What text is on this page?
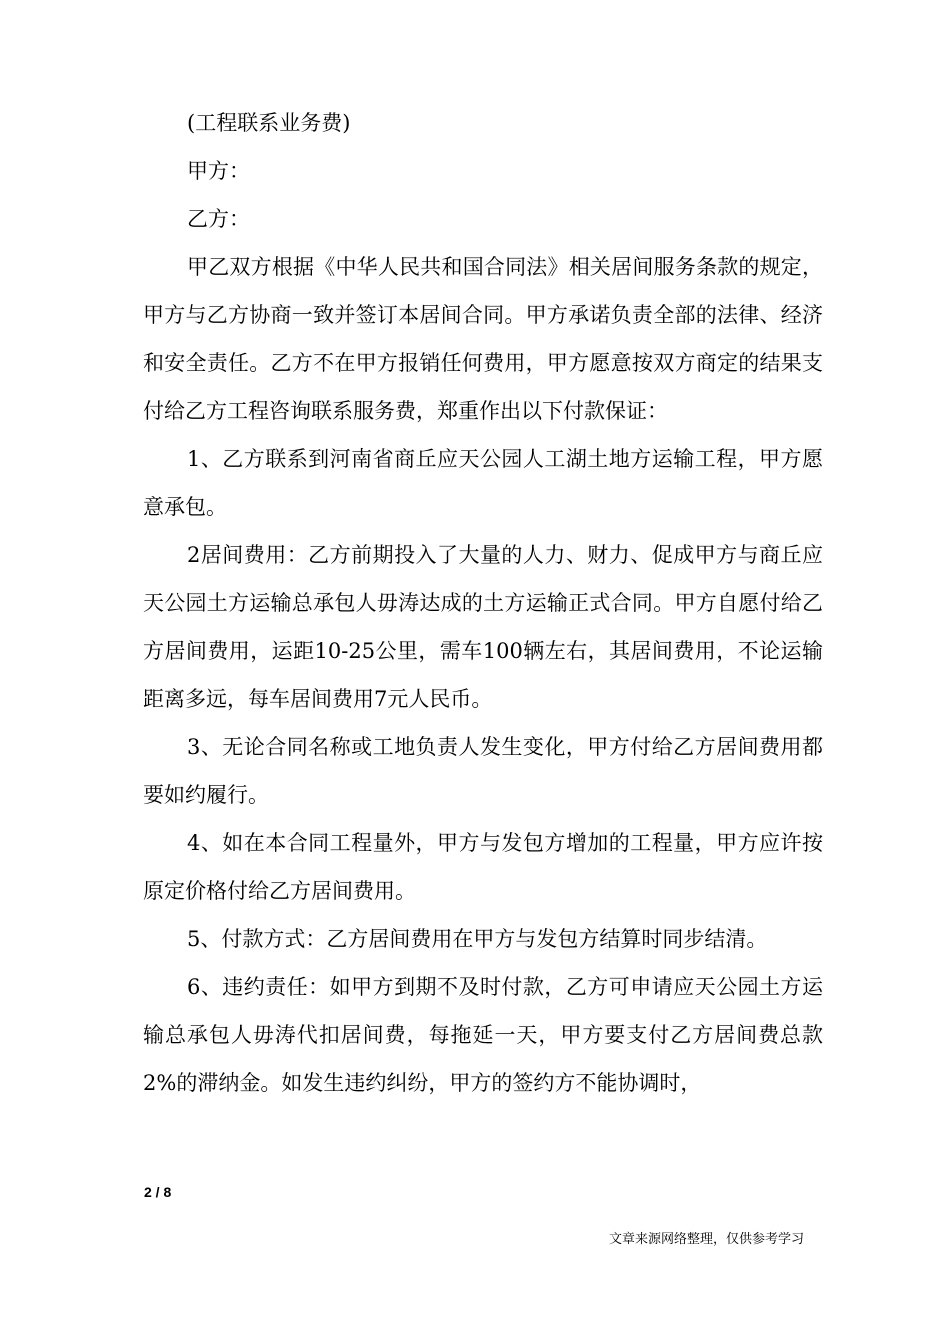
(工程联系业务费)

甲方：

乙方：

甲乙双方根据《中华人民共和国合同法》相关居间服务条款的规定，甲方与乙方协商一致并签订本居间合同。甲方承诺负责全部的法律、经济和安全责任。乙方不在甲方报销任何费用，甲方愿意按双方商定的结果支付给乙方工程咨询联系服务费，郑重作出以下付款保证：

1、乙方联系到河南省商丘应天公园人工湖土地方运输工程，甲方愿意承包。

2居间费用：乙方前期投入了大量的人力、财力、促成甲方与商丘应天公园土方运输总承包人毋涛达成的土方运输正式合同。甲方自愿付给乙方居间费用，运距10-25公里，需车100辆左右，其居间费用，不论运输距离多远，每车居间费用7元人民币。

3、无论合同名称或工地负责人发生变化，甲方付给乙方居间费用都要如约履行。

4、如在本合同工程量外，甲方与发包方增加的工程量，甲方应许按原定价格付给乙方居间费用。

5、付款方式：乙方居间费用在甲方与发包方结算时同步结清。

6、违约责任：如甲方到期不及时付款，乙方可申请应天公园土方运输总承包人毋涛代扣居间费，每拖延一天，甲方要支付乙方居间费总款 2%的滞纳金。如发生违约纠纷，甲方的签约方不能协调时，

2 / 8
文章来源网络整理，仅供参考学习
